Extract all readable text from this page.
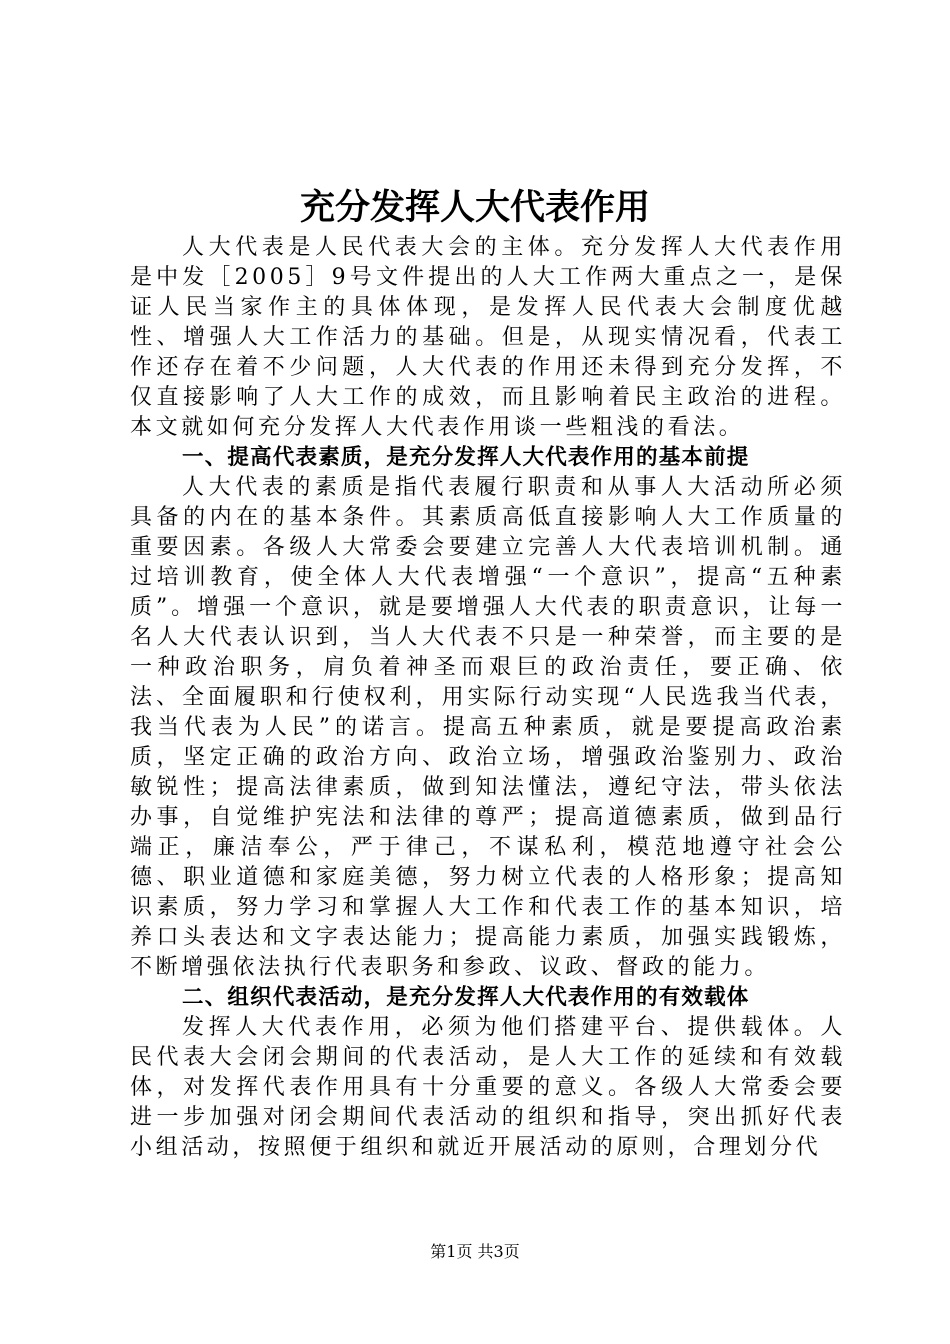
充分发挥人大代表作用

人大代表是人民代表大会的主体。充分发挥人大代表作用是中发［2005］9号文件提出的人大工作两大重点之一，是保证人民当家作主的具体体现，是发挥人民代表大会制度优越性、增强人大工作活力的基础。但是，从现实情况看，代表工作还存在着不少问题，人大代表的作用还未得到充分发挥，不仅直接影响了人大工作的成效，而且影响着民主政治的进程。本文就如何充分发挥人大代表作用谈一些粗浅的看法。

一、提高代表素质，是充分发挥人大代表作用的基本前提

人大代表的素质是指代表履行职责和从事人大活动所必须具备的内在的基本条件。其素质高低直接影响人大工作质量的重要因素。各级人大常委会要建立完善人大代表培训机制。通过培训教育，使全体人大代表增强“一个意识”，提高“五种素质”。增强一个意识，就是要增强人大代表的职责意识，让每一名人大代表认识到，当人大代表不只是一种荣誉，而主要的是一种政治职务，肩负着神圣而艰巨的政治责任，要正确、依法、全面履职和行使权利，用实际行动实现“人民选我当代表，我当代表为人民”的诺言。提高五种素质，就是要提高政治素质，坚定正确的政治方向、政治立场，增强政治鉴别力、政治敏锐性；提高法律素质，做到知法懂法，遵纪守法，带头依法办事，自觉维护宪法和法律的尊严；提高道德素质，做到品行端正，廉洁奉公，严于律己，不谋私利，模范地遵守社会公德、职业道德和家庭美德，努力树立代表的人格形象；提高知识素质，努力学习和掌握人大工作和代表工作的基本知识，培养口头表达和文字表达能力；提高能力素质，加强实践锻炼，不断增强依法执行代表职务和参政、议政、督政的能力。

二、组织代表活动，是充分发挥人大代表作用的有效载体

发挥人大代表作用，必须为他们搭建平台、提供载体。人民代表大会闭会期间的代表活动，是人大工作的延续和有效载体，对发挥代表作用具有十分重要的意义。各级人大常委会要进一步加强对闭会期间代表活动的组织和指导，突出抓好代表小组活动，按照便于组织和就近开展活动的原则，合理划分代

第1页 共3页
